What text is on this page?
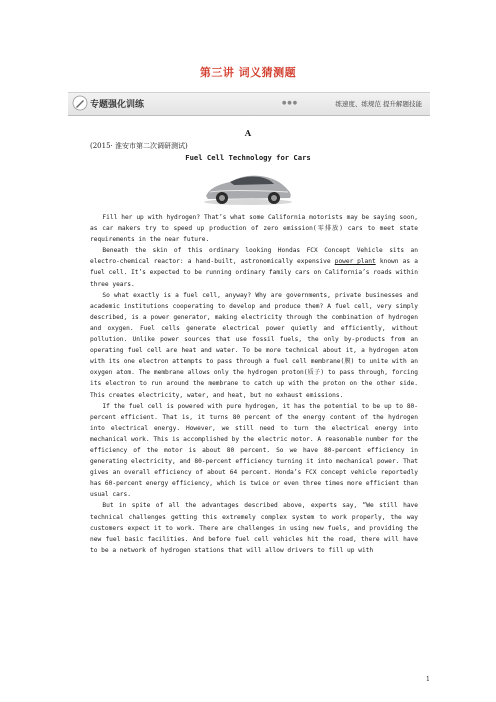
第三讲 词义猜测题
专题强化训练	●●●	练速度、练规范 提升解题技能
A
(2015· 淮安市第二次调研测试)
Fuel Cell Technology for Cars

Fill her up with hydrogen? That’s what some California motorists may be saying soon, as car makers try to speed up production of zero emission(零排放) cars to meet state requirements in the near future.

Beneath the skin of this ordinary looking Hondas FCX Concept Vehicle sits an electro-chemical reactor: a hand-built, astronomically expensive power_plant known as a fuel cell. It’s expected to be running ordinary family cars on California’s roads within three years.

So what exactly is a fuel cell, anyway? Why are governments, private businesses and academic institutions cooperating to develop and produce them? A fuel cell, very simply described, is a power generator, making electricity through the combination of hydrogen and oxygen. Fuel cells generate electrical power quietly and efficiently, without pollution. Unlike power sources that use fossil fuels, the only by-products from an operating fuel cell are heat and water. To be more technical about it, a hydrogen atom with its one electron attempts to pass through a fuel cell membrane(膜) to unite with an oxygen atom. The membrane allows only the hydrogen proton(质子) to pass through, forcing its electron to run around the membrane to catch up with the proton on the other side. This creates electricity, water, and heat, but no exhaust emissions.

If the fuel cell is powered with pure hydrogen, it has the potential to be up to 80-percent efficient. That is, it turns 80 percent of the energy content of the hydrogen into electrical energy. However, we still need to turn the electrical energy into mechanical work. This is accomplished by the electric motor. A reasonable number for the efficiency of the motor is about 80 percent. So we have 80-percent efficiency in generating electricity, and 80-percent efficiency turning it into mechanical power. That gives an overall efficiency of about 64 percent. Honda’s FCX concept vehicle reportedly has 60-percent energy efficiency, which is twice or even three times more efficient than usual cars.

But in spite of all the advantages described above, experts say, “We still have technical challenges getting this extremely complex system to work properly, the way customers expect it to work. There are challenges in using new fuels, and providing the new fuel basic facilities. And before fuel cell vehicles hit the road, there will have to be a network of hydrogen stations that will allow drivers to fill up with

1
